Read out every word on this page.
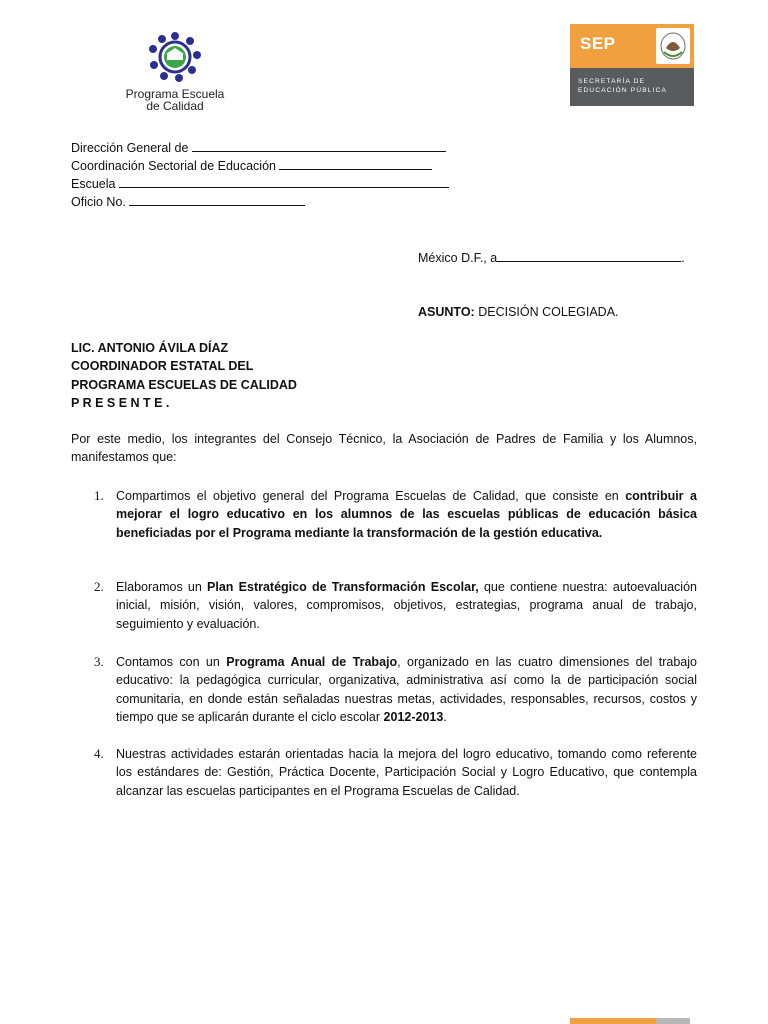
Programa Escuela
de Calidad
SEP
SECRETARÍA DE
EDUCACIÓN PÚBLICA
Dirección General de
Coordinación Sectorial de Educación
Escuela
Oficio No.
México D.F., a	.
ASUNTO: DECISIÓN COLEGIADA.
LIC. ANTONIO ÁVILA DÍAZ
COORDINADOR ESTATAL DEL
PROGRAMA ESCUELAS DE CALIDAD
P R E S E N T E .
Por este medio, los integrantes del Consejo Técnico, la Asociación de Padres de Familia y los Alumnos, manifestamos que:
1. Compartimos el objetivo general del Programa Escuelas de Calidad, que consiste en contribuir a mejorar el logro educativo en los alumnos de las escuelas públicas de educación básica beneficiadas por el Programa mediante la transformación de la gestión educativa.
2. Elaboramos un Plan Estratégico de Transformación Escolar, que contiene nuestra: autoevaluación inicial, misión, visión, valores, compromisos, objetivos, estrategias, programa anual de trabajo, seguimiento y evaluación.
3. Contamos con un Programa Anual de Trabajo, organizado en las cuatro dimensiones del trabajo educativo: la pedagógica curricular, organizativa, administrativa así como la de participación social comunitaria, en donde están señaladas nuestras metas, actividades, responsables, recursos, costos y tiempo que se aplicarán durante el ciclo escolar 2012-2013.
4. Nuestras actividades estarán orientadas hacia la mejora del logro educativo, tomando como referente los estándares de: Gestión, Práctica Docente, Participación Social y Logro Educativo, que contempla alcanzar las escuelas participantes en el Programa Escuelas de Calidad.
